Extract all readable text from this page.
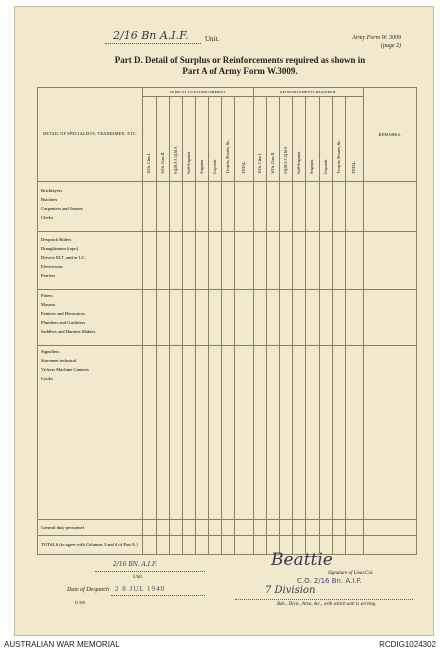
2/16 Bn A.I.F. Unit.	Army Form W. 3009
(page 2)
Part D. Detail of Surplus or Reinforcements required as shown in
Part A of Army Form W.3009.
DETAIL OF SPECIALISTS, TRADESMEN, ETC.	SURPLUS TO ESTABLISHMENT.								REINFORCEMENTS REQUIRED.								REMARKS.
	W.Os. Class I.	W.Os. Class II.	S.Q.M.S./C.Q.M.S.	Staff-Sergeants.	Sergeants.	Corporals.	Troopers, Privates, &c.	TOTAL.	W.Os. Class I.	W.Os. Class II.	S.Q.M.S./C.Q.M.S.	Staff-Sergeants.	Sergeants.	Corporals.	Troopers, Privates, &c.	TOTAL.	

Bricklayers
Butchers
Carpenters and Joiners
Clerks																	

Despatch Riders
Draughtsmen (topo)
Drivers M.T. and/or I.C.
Electricians
Farriers																	

Fitters
Masons
Painters and Decorators
Plumbers and Gasfitters
Saddlers and Harness Makers																	

Signallers
Storemen technical
Vickers Machine Gunners
Cooks																	

General duty personnel																	
TOTALS (to agree with Columns 3 and 4 of Part A.)																	
2/16 BN. A.I.F.
Unit.
Date of Despatch 2 8 JUL 1940
D.309.
Beattie
Signature of Lieut.Col.
C.O. 2/16 Bn. A.I.F.
7 Division
Bde., Divn., Area, &c., with which unit is serving.
AUSTRALIAN WAR MEMORIAL	RCDIG1024302
